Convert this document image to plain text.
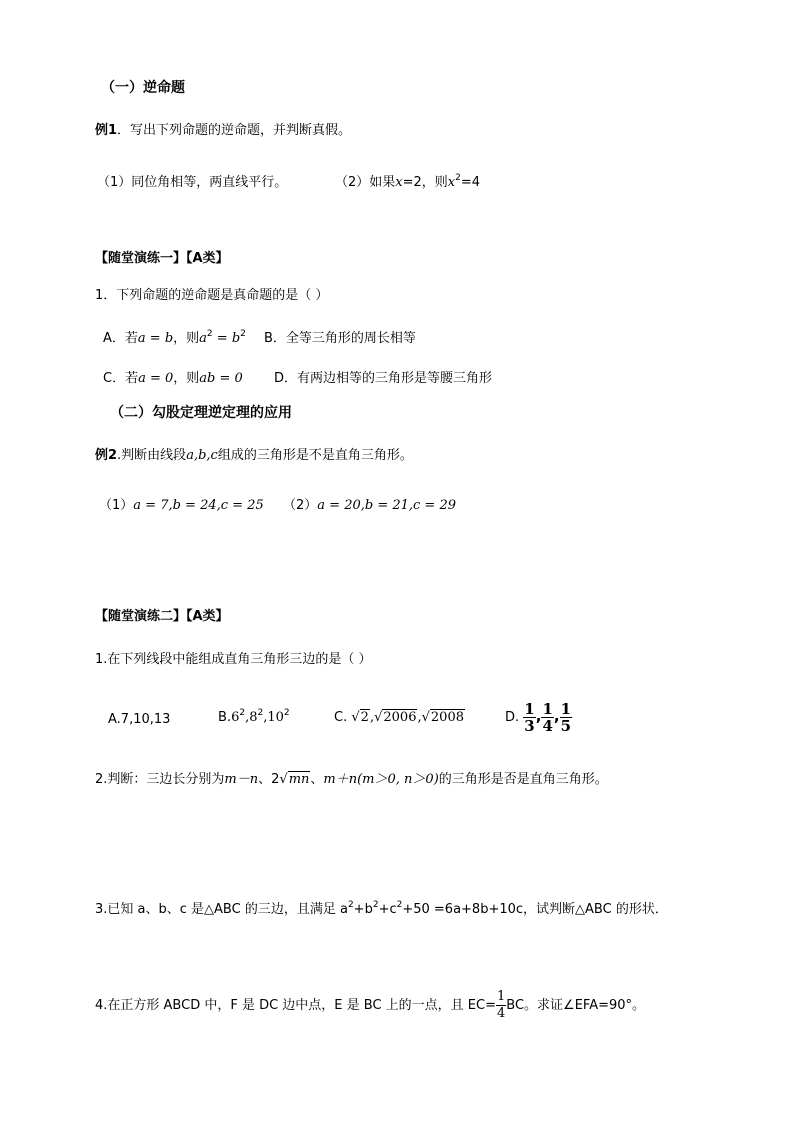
（一）逆命题
例1．写出下列命题的逆命题，并判断真假。
（1）同位角相等，两直线平行。	（2）如果x=2，则$x^2=4$
【随堂演练一】【A类】
1．下列命题的逆命题是真命题的是（ ）
A．若a = b，则$a^2 = b^2$ B．全等三角形的周长相等
C．若a = 0，则ab = 0 D．有两边相等的三角形是等腰三角形
（二）勾股定理逆定理的应用
例2.判断由线段a,b,c组成的三角形是不是直角三角形。
（1）a = 7,b = 24,c = 25 （2）a = 20,b = 21,c = 29
【随堂演练二】【A类】
1.在下列线段中能组成直角三角形三边的是（ ）
A.7,10,13	$B.6^2,8^2,10^2$	C. √2,√2006,√2008	D. $\frac{1}{3}$ , $\frac{1}{4}$ , $\frac{1}{5}$
2.判断：三边长分别为m－n、2√mn、m＋n(m＞0, n＞0)的三角形是否是直角三角形。
3.已知 a、b、c 是△ABC 的三边，且满足 $a^2+b^2+c^2+50 =6a+8b+10c$，试判断△ABC 的形状．
4.在正方形 ABCD 中，F 是 DC 边中点，E 是 BC 上的一点，且 $EC= \frac{1}{4}$ BC。求证∠EFA=90°。
